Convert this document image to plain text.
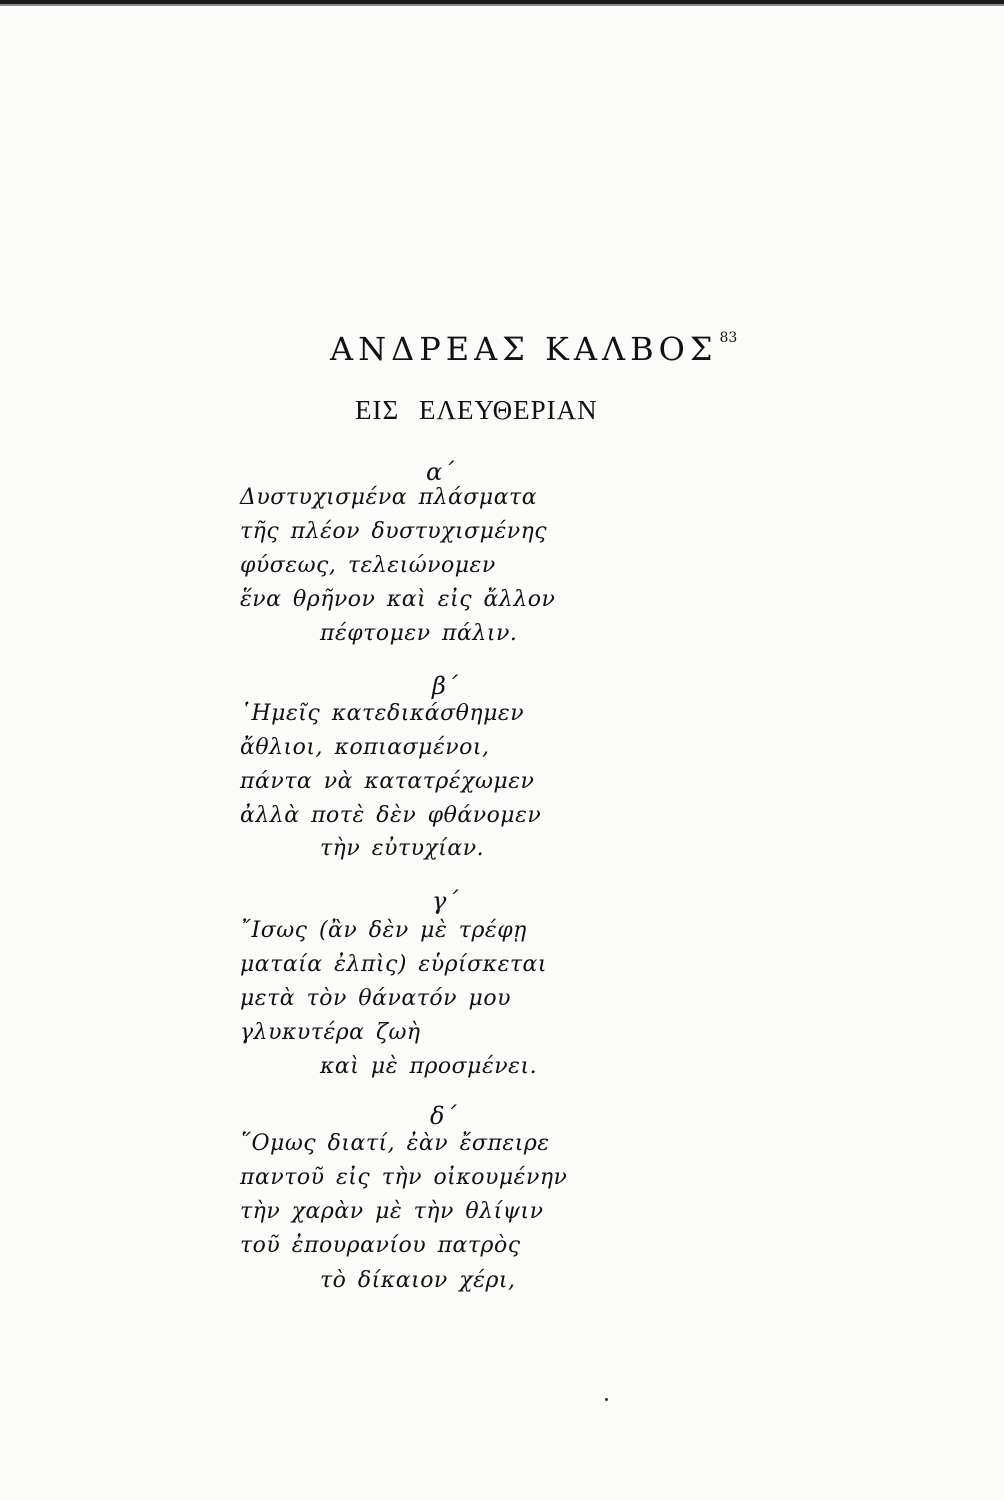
ΑΝΔΡΕΑΣ ΚΑΛΒΟΣ $^{83}$
ΕΙΣ ΕΛΕΥΘΕΡΙΑΝ
α΄
Δυστυχισμένα πλάσματα
τῆς πλέον δυστυχισμένης
φύσεως, τελειώνομεν
ἕνα θρῆνον καὶ εἰς ἄλλον
πέφτομεν πάλιν.
β΄
῾Ημεῖς κατεδικάσθημεν
ἄθλιοι, κοπιασμένοι,
πάντα νὰ κατατρέχωμεν
ἀλλὰ ποτὲ δὲν φθάνομεν
τὴν εὐτυχίαν.
γ΄
῎Ισως (ἂν δὲν μὲ τρέφῃ
ματαία ἐλπὶς) εὑρίσκεται
μετὰ τὸν θάνατόν μου
γλυκυτέρα ζωὴ
καὶ μὲ προσμένει.
δ΄
῞Ομως διατί, ἐὰν ἔσπειρε
παντοῦ εἰς τὴν οἰκουμένην
τὴν χαρὰν μὲ τὴν θλίψιν
τοῦ ἐπουρανίου πατρὸς
τὸ δίκαιον χέρι,
